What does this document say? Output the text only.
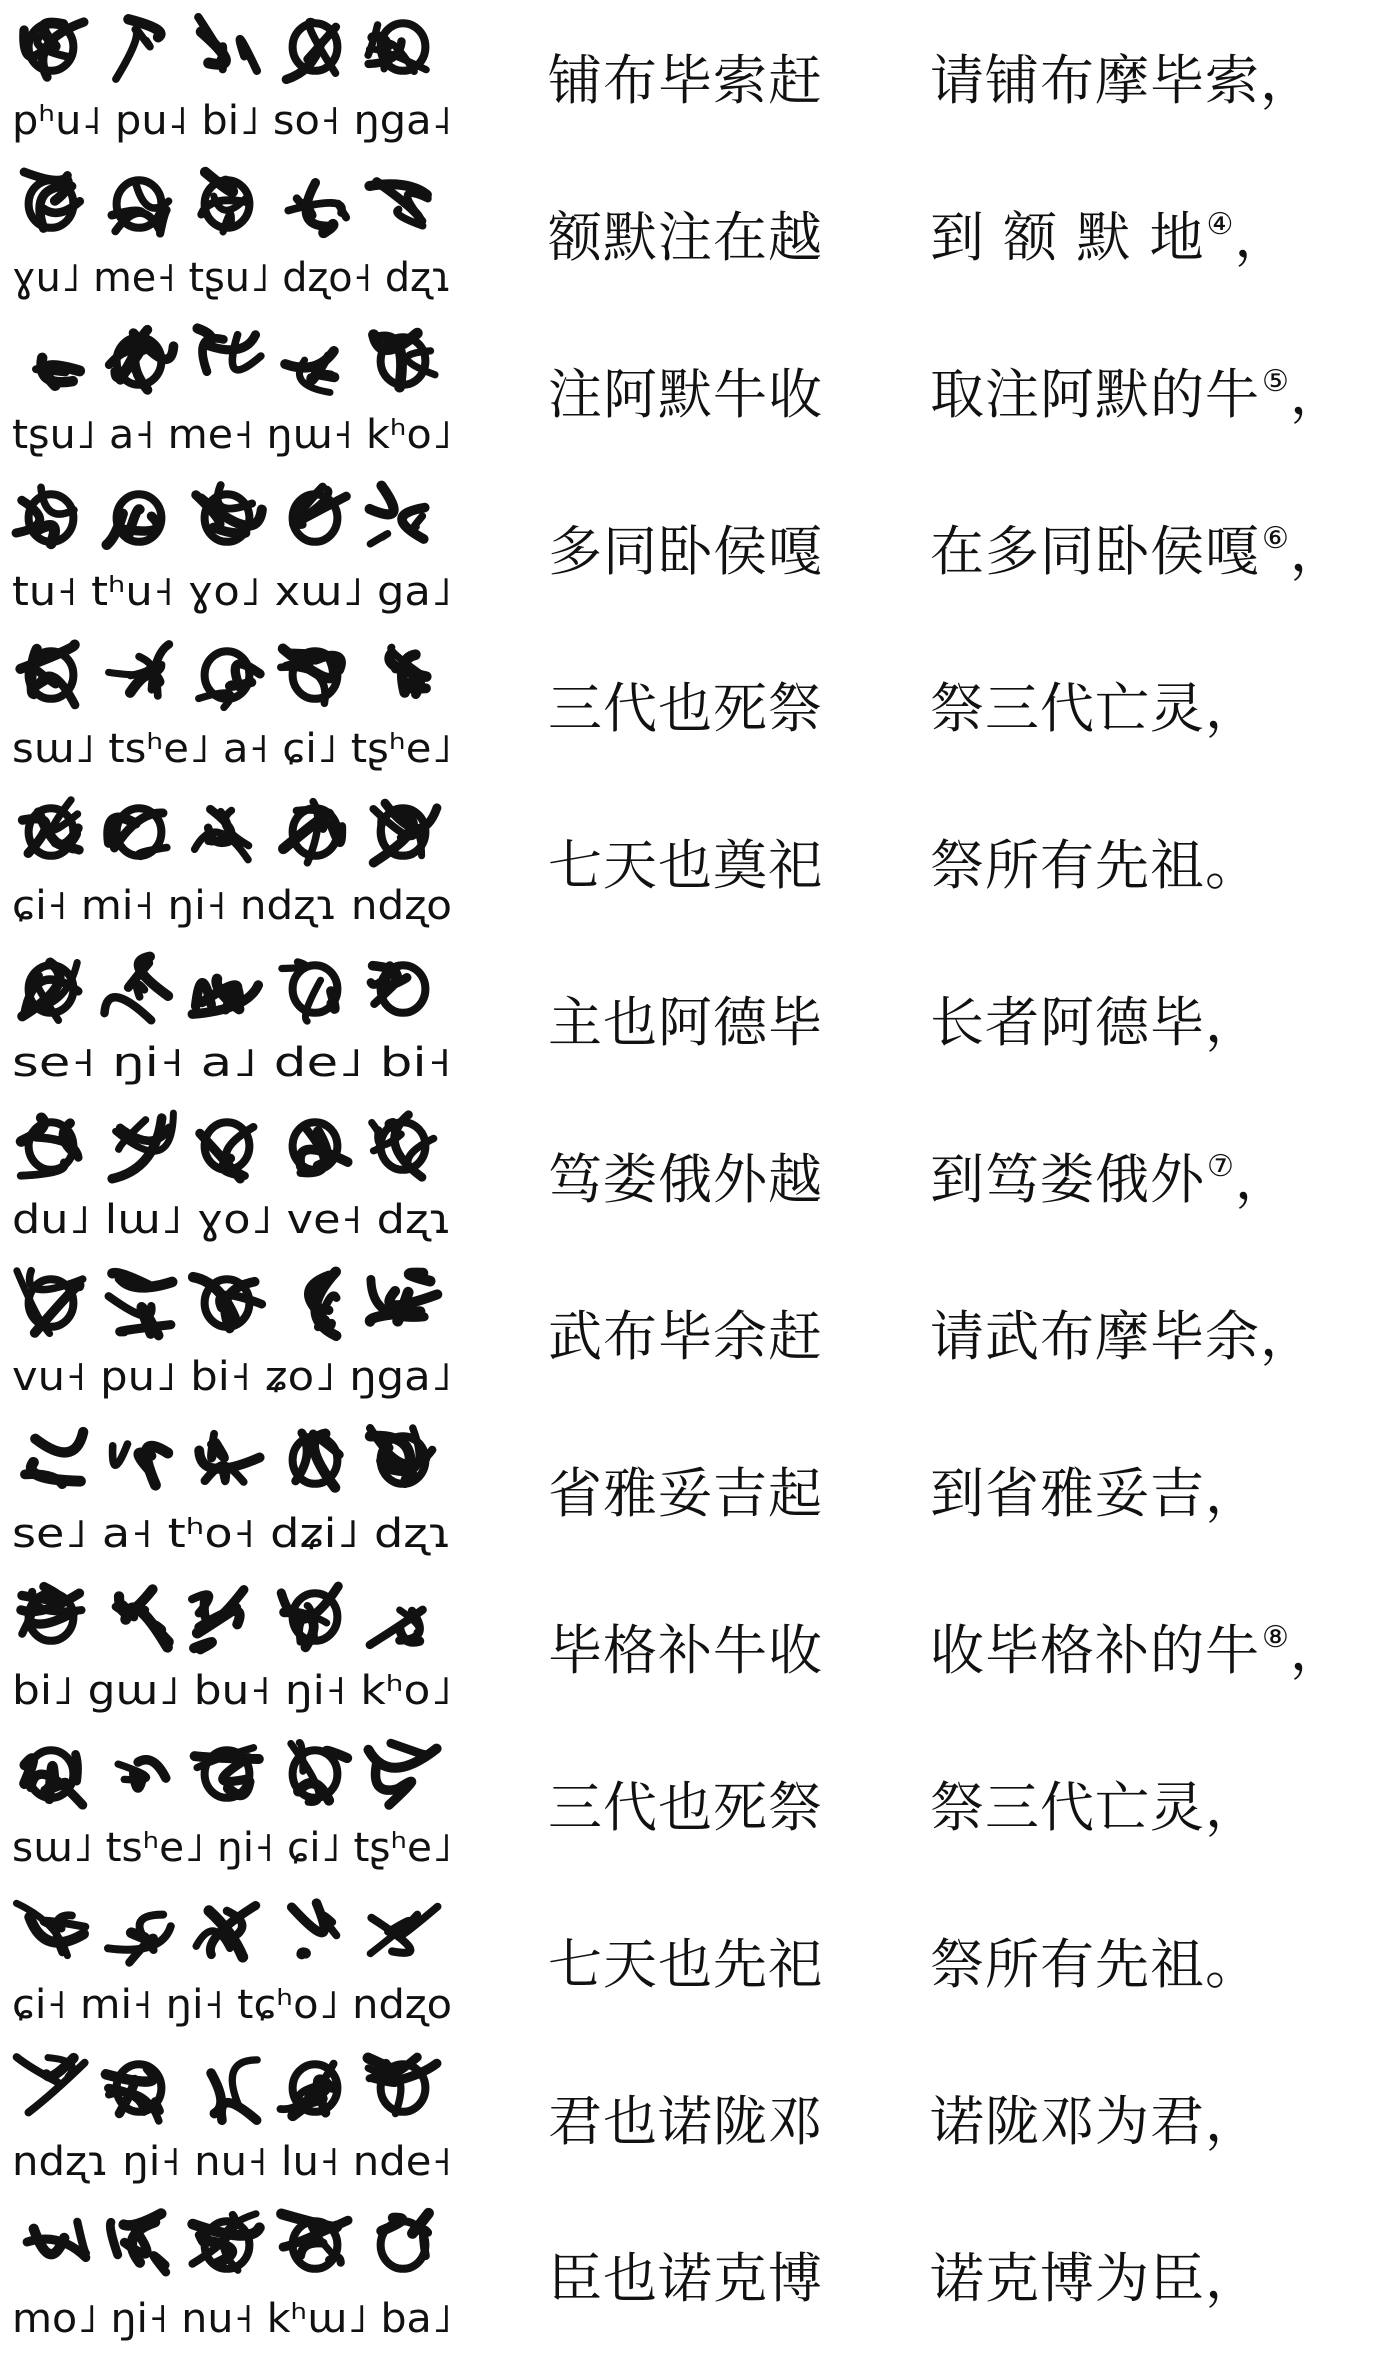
pʰu˨ pu˨ bi˩ so˧ ŋga˨
铺布毕索赶 请铺布摩毕索，
ɣu˩ me˧ tʂu˩ dʐo˧ dʐɿ
额默注在越 到 额 默 地④，
tʂu˩ a˧ me˧ ŋɯ˧ kʰo˩
注阿默牛收 取注阿默的牛⑤，
tu˧ tʰu˧ ɣo˩ xɯ˩ ga˩
多同卧侯嘎 在多同卧侯嘎⑥，
sɯ˩ tsʰe˩ a˧ ɕi˩ tʂʰe˩
三代也死祭 祭三代亡灵，
ɕi˧ mi˧ ŋi˧ ndʐɿ ndʐo
七天也奠祀 祭所有先祖。
se˧ ŋi˧ a˩ de˩ bi˧
主也阿德毕 长者阿德毕，
du˩ lɯ˩ ɣo˩ ve˧ dʐɿ
笃娄俄外越 到笃娄俄外⑦，
vu˧ pu˩ bi˧ ʑo˩ ŋga˩
武布毕余赶 请武布摩毕余，
se˩ a˧ tʰo˧ dʑi˩ dʐɿ
省雅妥吉起 到省雅妥吉，
bi˩ gɯ˩ bu˧ ŋi˧ kʰo˩
毕格补牛收 收毕格补的牛⑧，
sɯ˩ tsʰe˩ ŋi˧ ɕi˩ tʂʰe˩
三代也死祭 祭三代亡灵，
ɕi˧ mi˧ ŋi˧ tɕʰo˩ ndʐo
七天也先祀 祭所有先祖。
ndʐɿ ŋi˧ nu˧ lu˧ nde˧
君也诺陇邓 诺陇邓为君，
mo˩ ŋi˧ nu˧ kʰɯ˩ ba˩
臣也诺克博 诺克博为臣，
